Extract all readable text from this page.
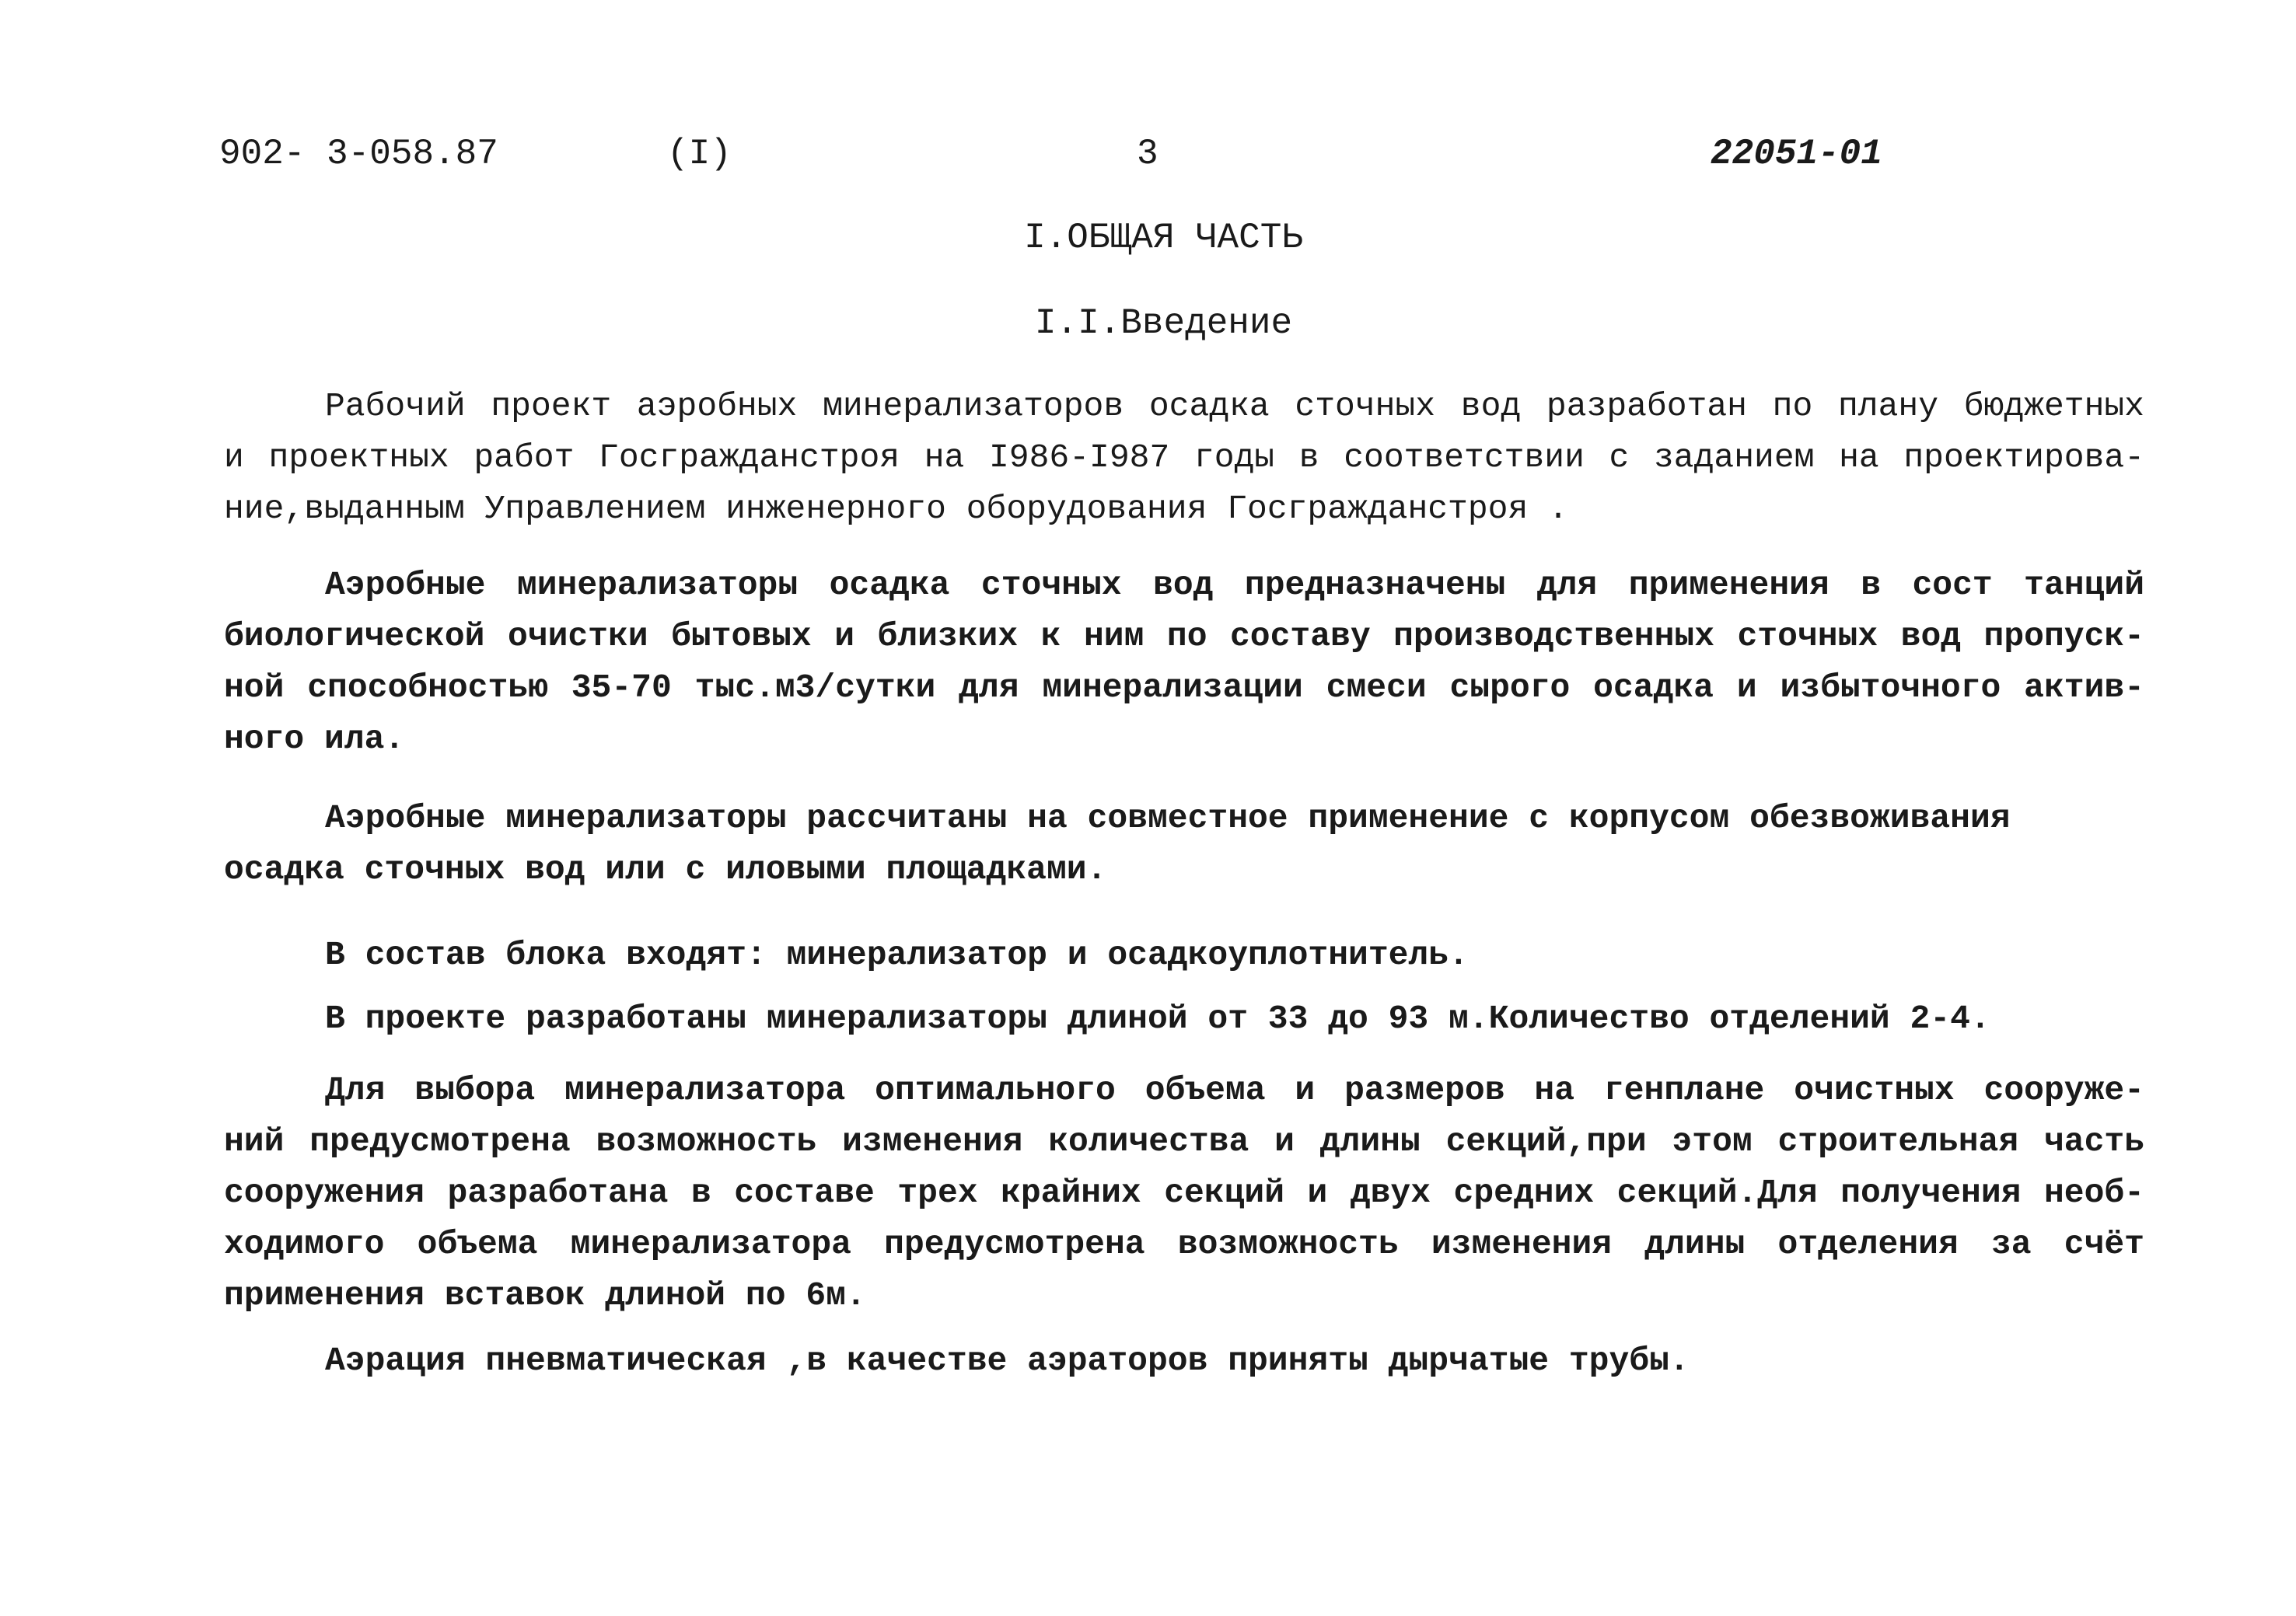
902- 3-058.87	(I)	3	22051-01
I.ОБЩАЯ ЧАСТЬ
I.I.Введение
Рабочий проект аэробных минерализаторов осадка сточных вод разработан по плану бюджетных
и проектных работ Госгражданстроя на I986-I987 годы в соответствии с заданием на проектирова-
ние,выданным Управлением инженерного оборудования Госгражданстроя .
Аэробные минерализаторы осадка сточных вод предназначены для применения в сост танций
биологической очистки бытовых и близких к ним по составу производственных сточных вод пропуск-
ной способностью 35-70 тыс.м3/сутки для минерализации смеси сырого осадка и избыточного актив-
ного ила.
Аэробные минерализаторы рассчитаны на совместное применение с корпусом обезвоживания
осадка сточных вод или с иловыми площадками.
В состав блока входят: минерализатор и осадкоуплотнитель.
В проекте разработаны минерализаторы длиной от 33 до 93 м.Количество отделений 2-4.
Для выбора минерализатора оптимального объема и размеров на генплане очистных сооруже-
ний предусмотрена возможность изменения количества и длины секций,при этом строительная часть
сооружения разработана в составе трех крайних секций и двух средних секций.Для получения необ-
ходимого объема минерализатора предусмотрена возможность изменения длины отделения за счёт
применения вставок длиной по 6м.
Аэрация пневматическая ,в качестве аэраторов приняты дырчатые трубы.
